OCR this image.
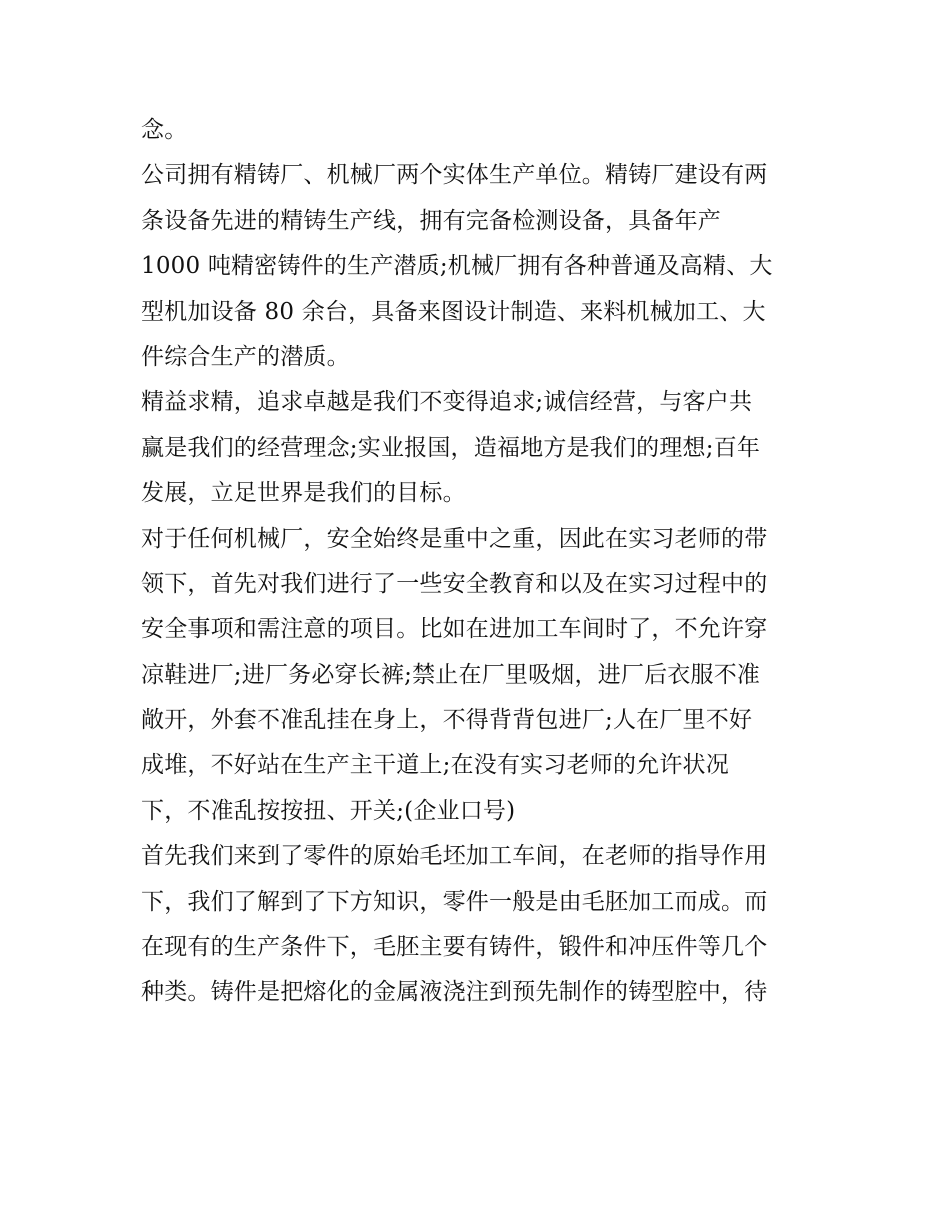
念。
公司拥有精铸厂、机械厂两个实体生产单位。精铸厂建设有两
条设备先进的精铸生产线，拥有完备检测设备，具备年产
1000 吨精密铸件的生产潜质;机械厂拥有各种普通及高精、大
型机加设备 80 余台，具备来图设计制造、来料机械加工、大
件综合生产的潜质。
精益求精，追求卓越是我们不变得追求;诚信经营，与客户共
赢是我们的经营理念;实业报国，造福地方是我们的理想;百年
发展，立足世界是我们的目标。
对于任何机械厂，安全始终是重中之重，因此在实习老师的带
领下，首先对我们进行了一些安全教育和以及在实习过程中的
安全事项和需注意的项目。比如在进加工车间时了，不允许穿
凉鞋进厂;进厂务必穿长裤;禁止在厂里吸烟，进厂后衣服不准
敞开，外套不准乱挂在身上，不得背背包进厂;人在厂里不好
成堆，不好站在生产主干道上;在没有实习老师的允许状况
下，不准乱按按扭、开关;(企业口号)
首先我们来到了零件的原始毛坯加工车间，在老师的指导作用
下，我们了解到了下方知识，零件一般是由毛胚加工而成。而
在现有的生产条件下，毛胚主要有铸件，锻件和冲压件等几个
种类。铸件是把熔化的金属液浇注到预先制作的铸型腔中，待
